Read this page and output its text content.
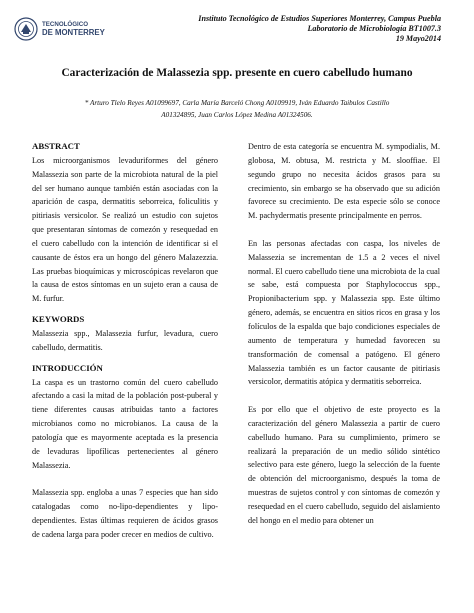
TECNOLÓGICO
DE MONTERREY
Instituto Tecnológico de Estudios Superiores Monterrey, Campus Puebla
Laboratorio de Microbiología BT1007.3
19 Mayo2014
Caracterización de Malassezia spp. presente en cuero cabelludo humano
* Arturo Tlelo Reyes A01099697, Carla María Barceló Chong A0109919, Iván Eduardo Taibulos Castillo
A01324895, Juan Carlos López Medina A01324506.
ABSTRACT

Los microorganismos levaduriformes del género Malassezia son parte de la microbiota natural de la piel del ser humano aunque también están asociadas con la aparición de caspa, dermatitis seborreica, foliculitis y pitiriasis versicolor. Se realizó un estudio con sujetos que presentaran síntomas de comezón y resequedad en el cuero cabelludo con la intención de identificar si el causante de éstos era un hongo del género Malazezzia. Las pruebas bioquímicas y microscópicas revelaron que la causa de estos síntomas en un sujeto eran a causa de M. furfur.

KEYWORDS

Malassezia spp., Malassezia furfur, levadura, cuero cabelludo, dermatitis.

INTRODUCCIÓN

La caspa es un trastorno común del cuero cabelludo afectando a casi la mitad de la población post-puberal y tiene diferentes causas atribuidas tanto a factores microbianos como no microbianos. La causa de la patología que es mayormente aceptada es la presencia de levaduras lipofílicas pertenecientes al género Malassezia.

Malassezia spp. engloba a unas 7 especies que han sido catalogadas como no-lipo-dependientes y lipo-dependientes. Estas últimas requieren de ácidos grasos de cadena larga para poder crecer en medios de cultivo.

Dentro de esta categoría se encuentra M. sympodialis, M. globosa, M. obtusa, M. restricta y M. slooffiae. El segundo grupo no necesita ácidos grasos para su crecimiento, sin embargo se ha observado que su adición favorece su crecimiento. De esta especie sólo se conoce M. pachydermatis presente principalmente en perros.

En las personas afectadas con caspa, los niveles de Malassezia se incrementan de 1.5 a 2 veces el nivel normal. El cuero cabelludo tiene una microbiota de la cual se sabe, está compuesta por Staphylococcus spp., Propionibacterium spp. y Malassezia spp. Este último género, además, se encuentra en sitios ricos en grasa y los folículos de la espalda que bajo condiciones especiales de aumento de temperatura y humedad favorecen su transformación de comensal a patógeno. El género Malassezia también es un factor causante de pitiriasis versicolor, dermatitis atópica y dermatitis seborreica.

Es por ello que el objetivo de este proyecto es la caracterización del género Malassezia a partir de cuero cabelludo humano. Para su cumplimiento, primero se realizará la preparación de un medio sólido sintético selectivo para este género, luego la selección de la fuente de obtención del microorganismo, después la toma de muestras de sujetos control y con síntomas de comezón y resequedad en el cuero cabelludo, seguido del aislamiento del hongo en el medio para obtener un
